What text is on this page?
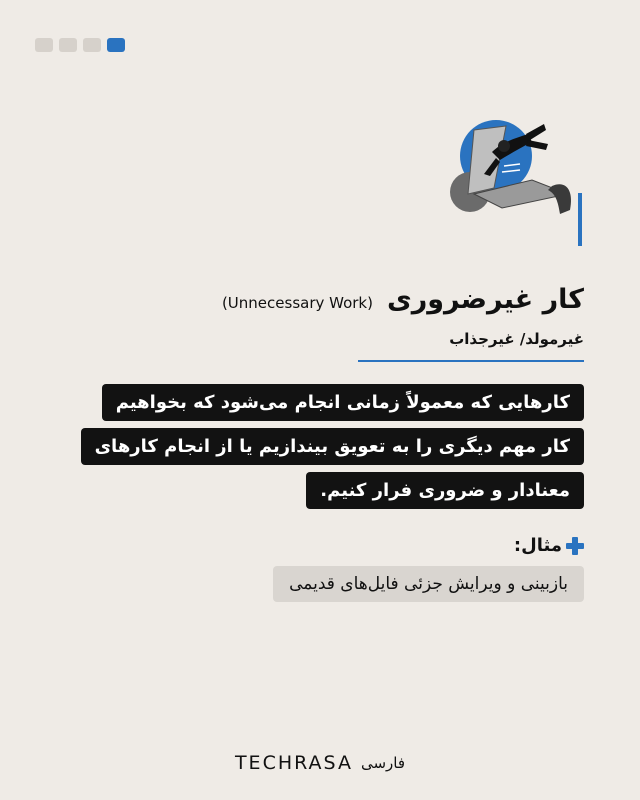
کار غیرضروری
(Unnecessary Work)
غیرمولد/ غیرجذاب
کارهایی که معمولاً زمانی انجام می‌شود که بخواهیم
کار مهم دیگری را به تعویق بیندازیم یا از انجام کارهای
معنادار و ضروری فرار کنیم.
مثال:
بازبینی و ویرایش جزئی فایل‌های قدیمی
TECHRASA فارسی
